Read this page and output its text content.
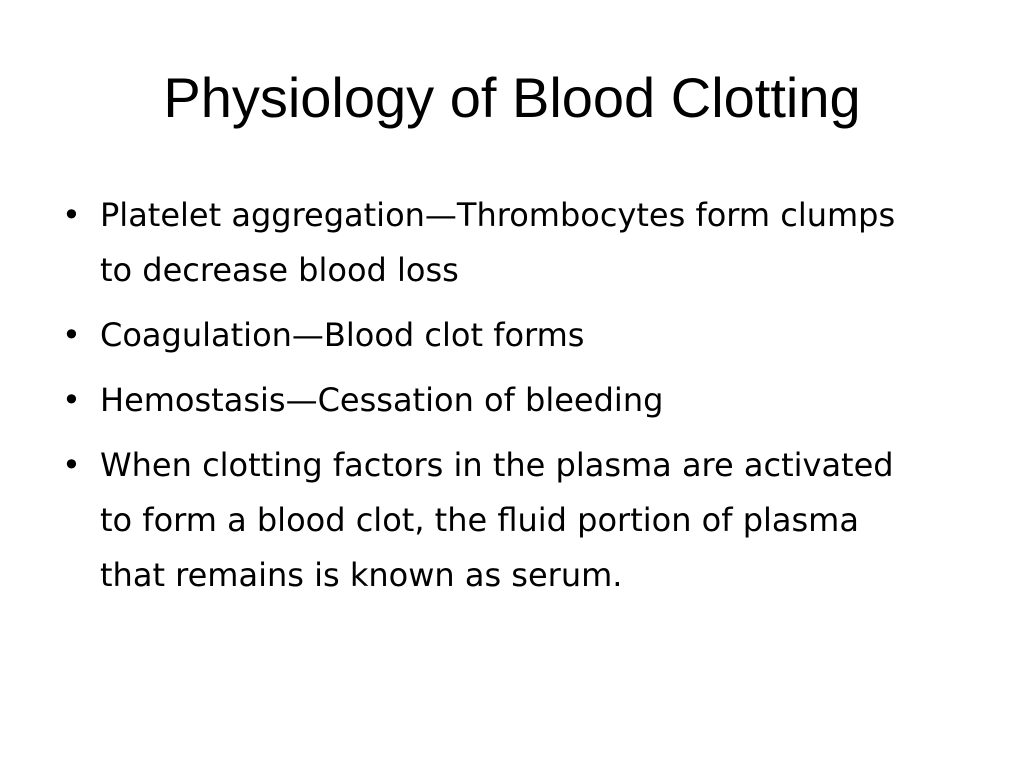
Physiology of Blood Clotting
• Platelet aggregation—Thrombocytes form clumps to decrease blood loss
• Coagulation—Blood clot forms
• Hemostasis—Cessation of bleeding
• When clotting factors in the plasma are activated to form a blood clot, the fluid portion of plasma that remains is known as serum.
